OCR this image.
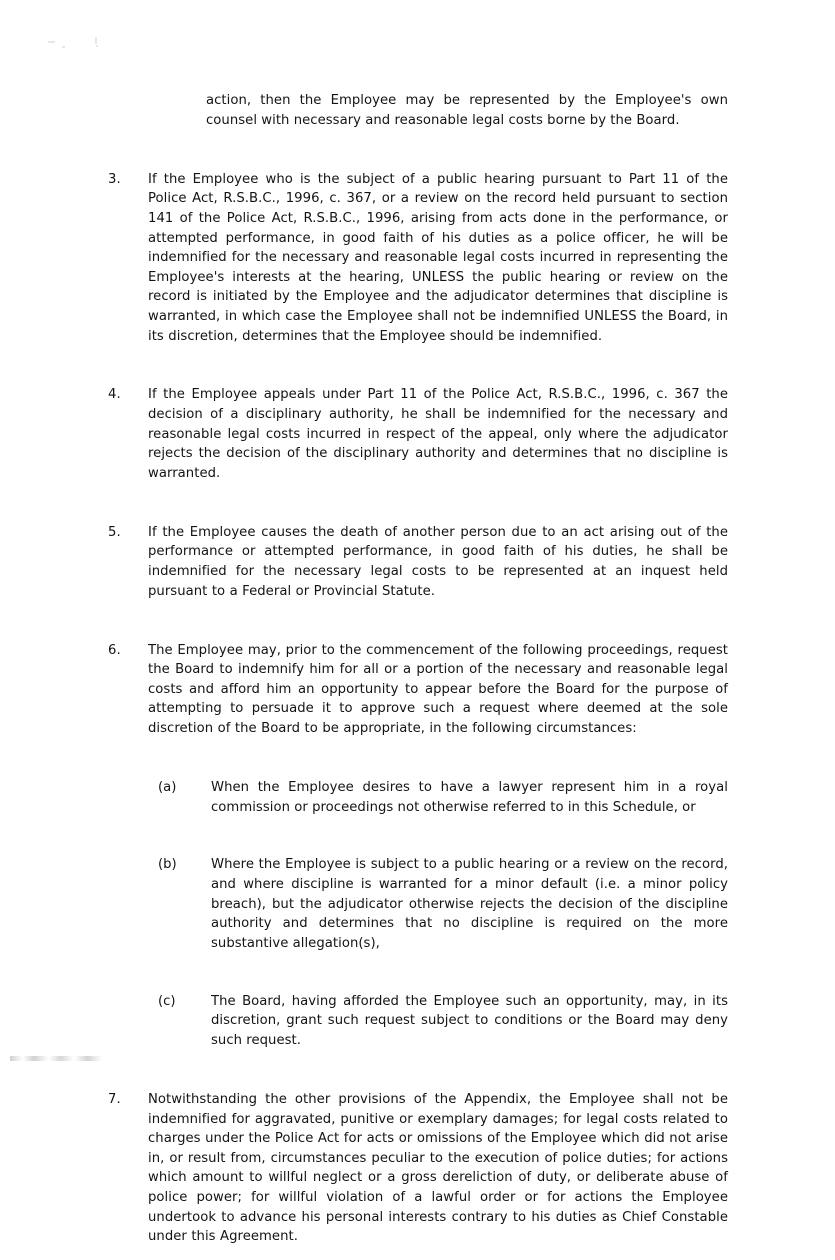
action, then the Employee may be represented by the Employee's own counsel with necessary and reasonable legal costs borne by the Board.

3.	If the Employee who is the subject of a public hearing pursuant to Part 11 of the Police Act, R.S.B.C., 1996, c. 367, or a review on the record held pursuant to section 141 of the Police Act, R.S.B.C., 1996, arising from acts done in the performance, or attempted performance, in good faith of his duties as a police officer, he will be indemnified for the necessary and reasonable legal costs incurred in representing the Employee's interests at the hearing, UNLESS the public hearing or review on the record is initiated by the Employee and the adjudicator determines that discipline is warranted, in which case the Employee shall not be indemnified UNLESS the Board, in its discretion, determines that the Employee should be indemnified.

4.	If the Employee appeals under Part 11 of the Police Act, R.S.B.C., 1996, c. 367 the decision of a disciplinary authority, he shall be indemnified for the necessary and reasonable legal costs incurred in respect of the appeal, only where the adjudicator rejects the decision of the disciplinary authority and determines that no discipline is warranted.

5.	If the Employee causes the death of another person due to an act arising out of the performance or attempted performance, in good faith of his duties, he shall be indemnified for the necessary legal costs to be represented at an inquest held pursuant to a Federal or Provincial Statute.

6.	The Employee may, prior to the commencement of the following proceedings, request the Board to indemnify him for all or a portion of the necessary and reasonable legal costs and afford him an opportunity to appear before the Board for the purpose of attempting to persuade it to approve such a request where deemed at the sole discretion of the Board to be appropriate, in the following circumstances:

(a)	When the Employee desires to have a lawyer represent him in a royal commission or proceedings not otherwise referred to in this Schedule, or

(b)	Where the Employee is subject to a public hearing or a review on the record, and where discipline is warranted for a minor default (i.e. a minor policy breach), but the adjudicator otherwise rejects the decision of the discipline authority and determines that no discipline is required on the more substantive allegation(s),

(c)	The Board, having afforded the Employee such an opportunity, may, in its discretion, grant such request subject to conditions or the Board may deny such request.

7.	Notwithstanding the other provisions of the Appendix, the Employee shall not be indemnified for aggravated, punitive or exemplary damages; for legal costs related to charges under the Police Act for acts or omissions of the Employee which did not arise in, or result from, circumstances peculiar to the execution of police duties; for actions which amount to willful neglect or a gross dereliction of duty, or deliberate abuse of police power; for willful violation of a lawful order or for actions the Employee undertook to advance his personal interests contrary to his duties as Chief Constable under this Agreement.
